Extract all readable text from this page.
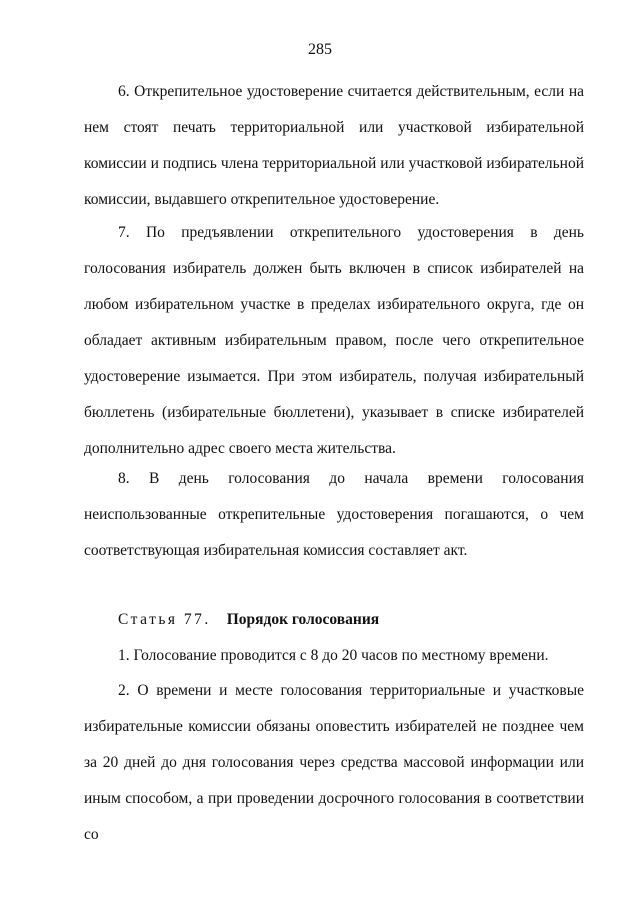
285

6. Открепительное удостоверение считается действительным, если на нем стоят печать территориальной или участковой избирательной комиссии и подпись члена территориальной или участковой избирательной комиссии, выдавшего открепительное удостоверение.

7. По предъявлении открепительного удостоверения в день голосования избиратель должен быть включен в список избирателей на любом избирательном участке в пределах избирательного округа, где он обладает активным избирательным правом, после чего открепительное удостоверение изымается. При этом избиратель, получая избирательный бюллетень (избирательные бюллетени), указывает в списке избирателей дополнительно адрес своего места жительства.

8. В день голосования до начала времени голосования неиспользованные открепительные удостоверения погашаются, о чем соответствующая избирательная комиссия составляет акт.

Статья 77. Порядок голосования

1. Голосование проводится с 8 до 20 часов по местному времени.

2. О времени и месте голосования территориальные и участковые избирательные комиссии обязаны оповестить избирателей не позднее чем за 20 дней до дня голосования через средства массовой информации или иным способом, а при проведении досрочного голосования в соответствии со
